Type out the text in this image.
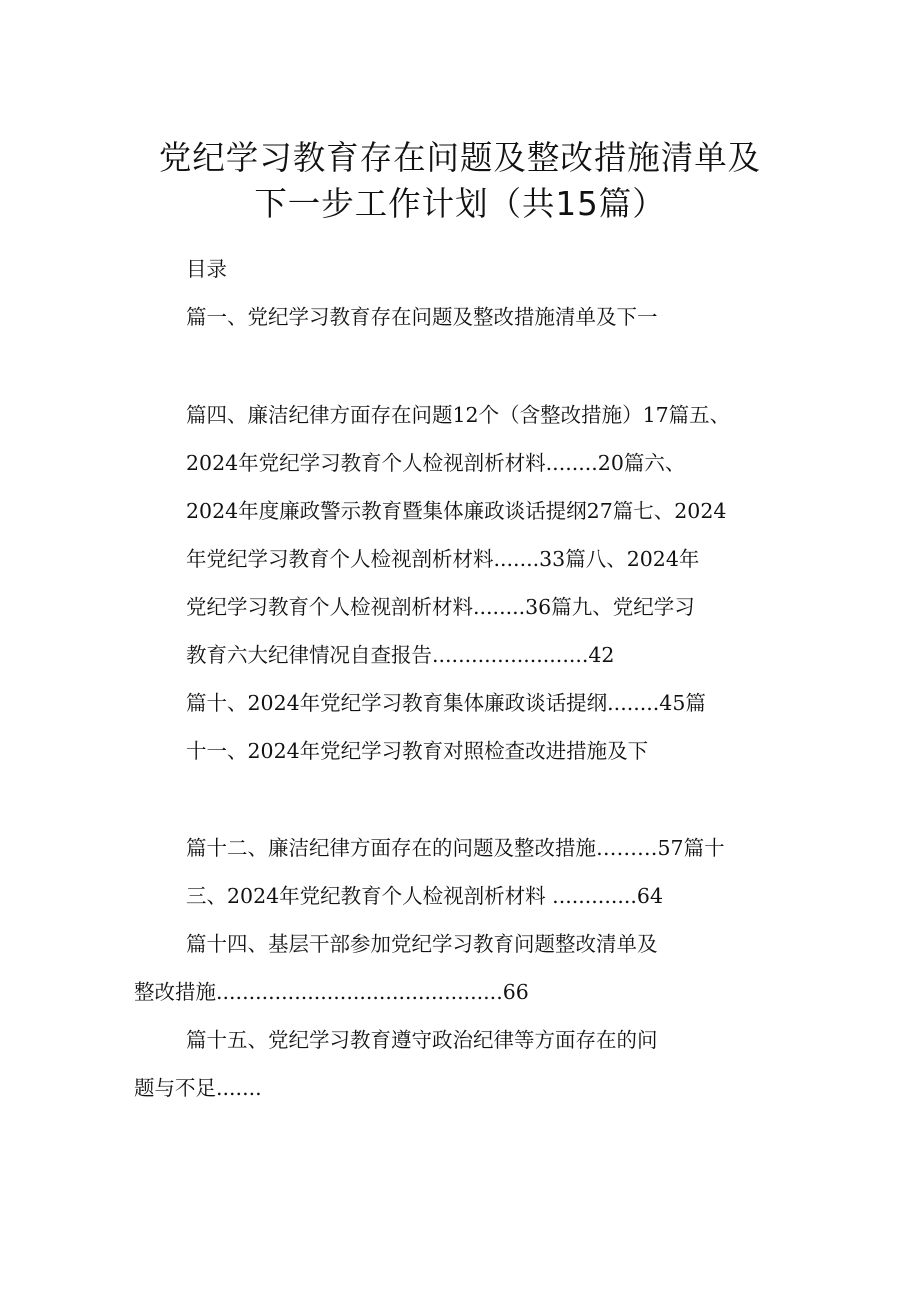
党纪学习教育存在问题及整改措施清单及
下一步工作计划（共15篇）

目录

篇一、党纪学习教育存在问题及整改措施清单及下一

篇四、廉洁纪律方面存在问题12个（含整改措施）17篇五、

2024年党纪学习教育个人检视剖析材料........20篇六、

2024年度廉政警示教育暨集体廉政谈话提纲27篇七、2024

年党纪学习教育个人检视剖析材料.......33篇八、2024年

党纪学习教育个人检视剖析材料........36篇九、党纪学习

教育六大纪律情况自查报告........................42

篇十、2024年党纪学习教育集体廉政谈话提纲........45篇

十一、2024年党纪学习教育对照检查改进措施及下

篇十二、廉洁纪律方面存在的问题及整改措施………57篇十

三、2024年党纪教育个人检视剖析材料 .............64

篇十四、基层干部参加党纪学习教育问题整改清单及

整改措施............................................66

篇十五、党纪学习教育遵守政治纪律等方面存在的问

题与不足.......
